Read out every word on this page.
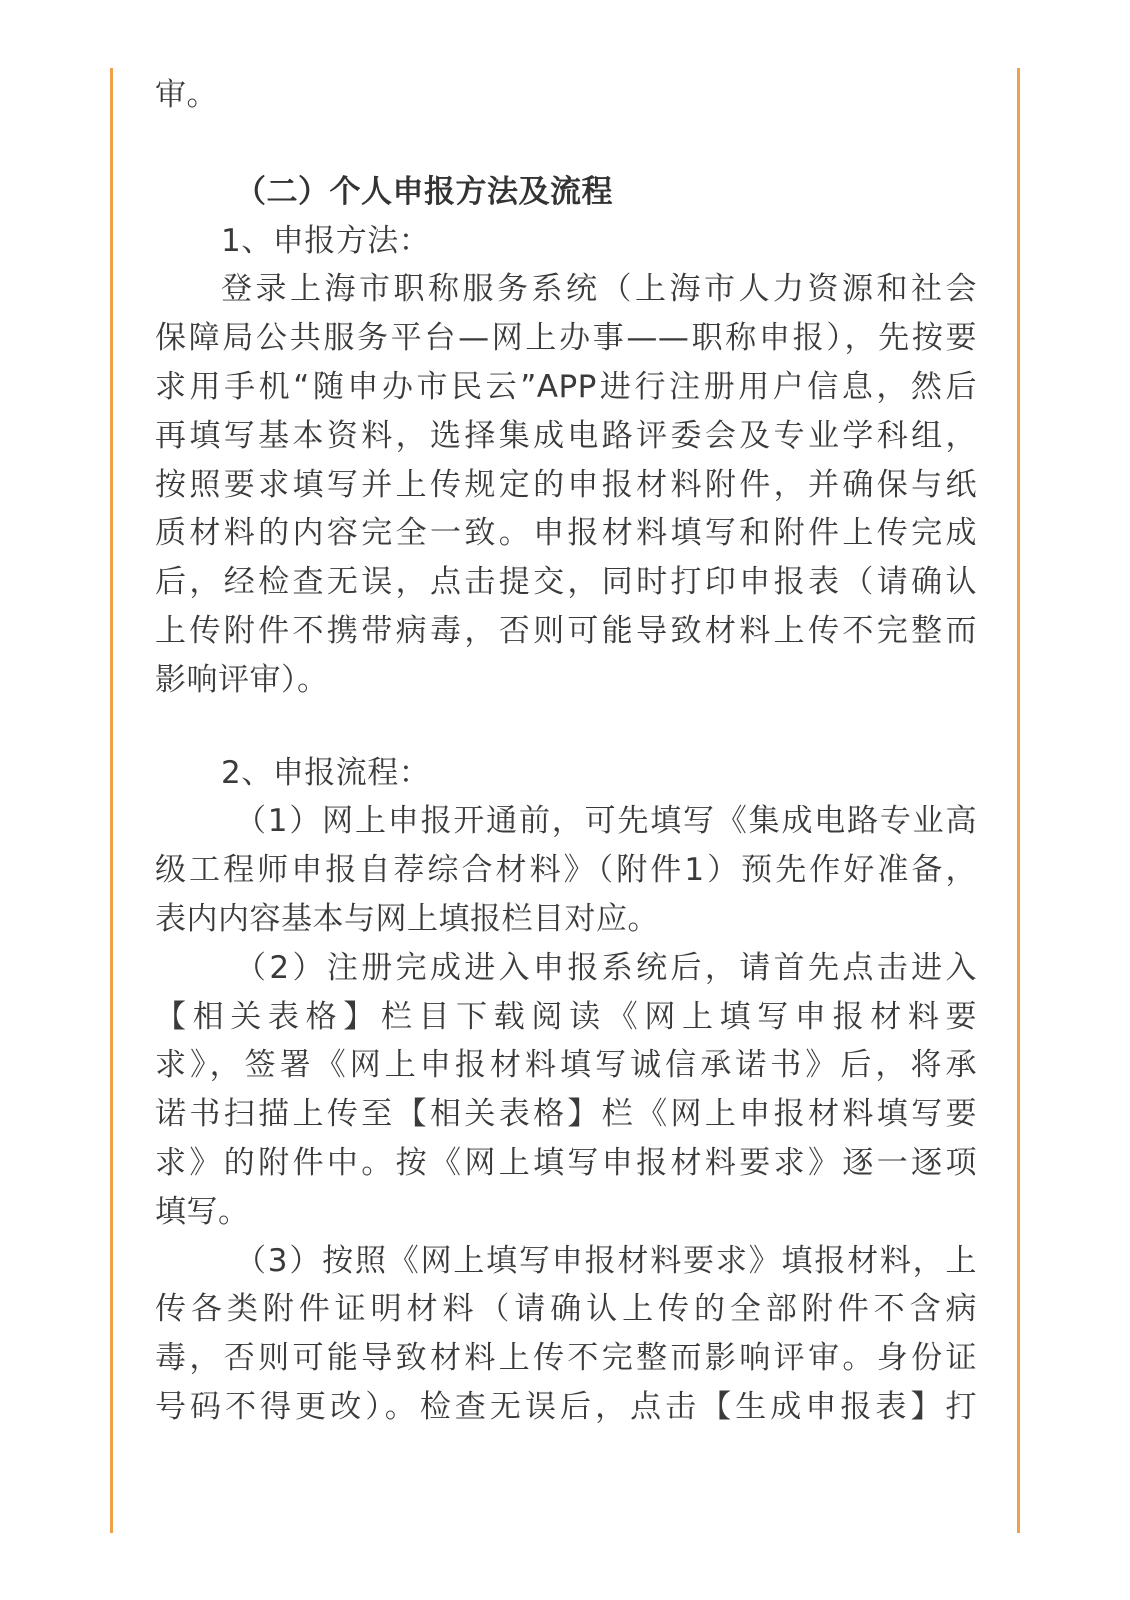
审。
（二）个人申报方法及流程
1、申报方法：
登录上海市职称服务系统（上海市人力资源和社会
保障局公共服务平台—网上办事——职称申报），先按要
求用手机“随申办市民云”APP进行注册用户信息，然后
再填写基本资料，选择集成电路评委会及专业学科组，
按照要求填写并上传规定的申报材料附件，并确保与纸
质材料的内容完全一致。申报材料填写和附件上传完成
后，经检查无误，点击提交，同时打印申报表（请确认
上传附件不携带病毒，否则可能导致材料上传不完整而
影响评审）。
2、申报流程：
（1）网上申报开通前，可先填写《集成电路专业高
级工程师申报自荐综合材料》（附件1）预先作好准备，
表内内容基本与网上填报栏目对应。
（2）注册完成进入申报系统后，请首先点击进入
【相关表格】栏目下载阅读《网上填写申报材料要
求》，签署《网上申报材料填写诚信承诺书》后，将承
诺书扫描上传至【相关表格】栏《网上申报材料填写要
求》的附件中。按《网上填写申报材料要求》逐一逐项
填写。
（3）按照《网上填写申报材料要求》填报材料，上
传各类附件证明材料（请确认上传的全部附件不含病
毒，否则可能导致材料上传不完整而影响评审。身份证
号码不得更改）。检查无误后，点击【生成申报表】打
